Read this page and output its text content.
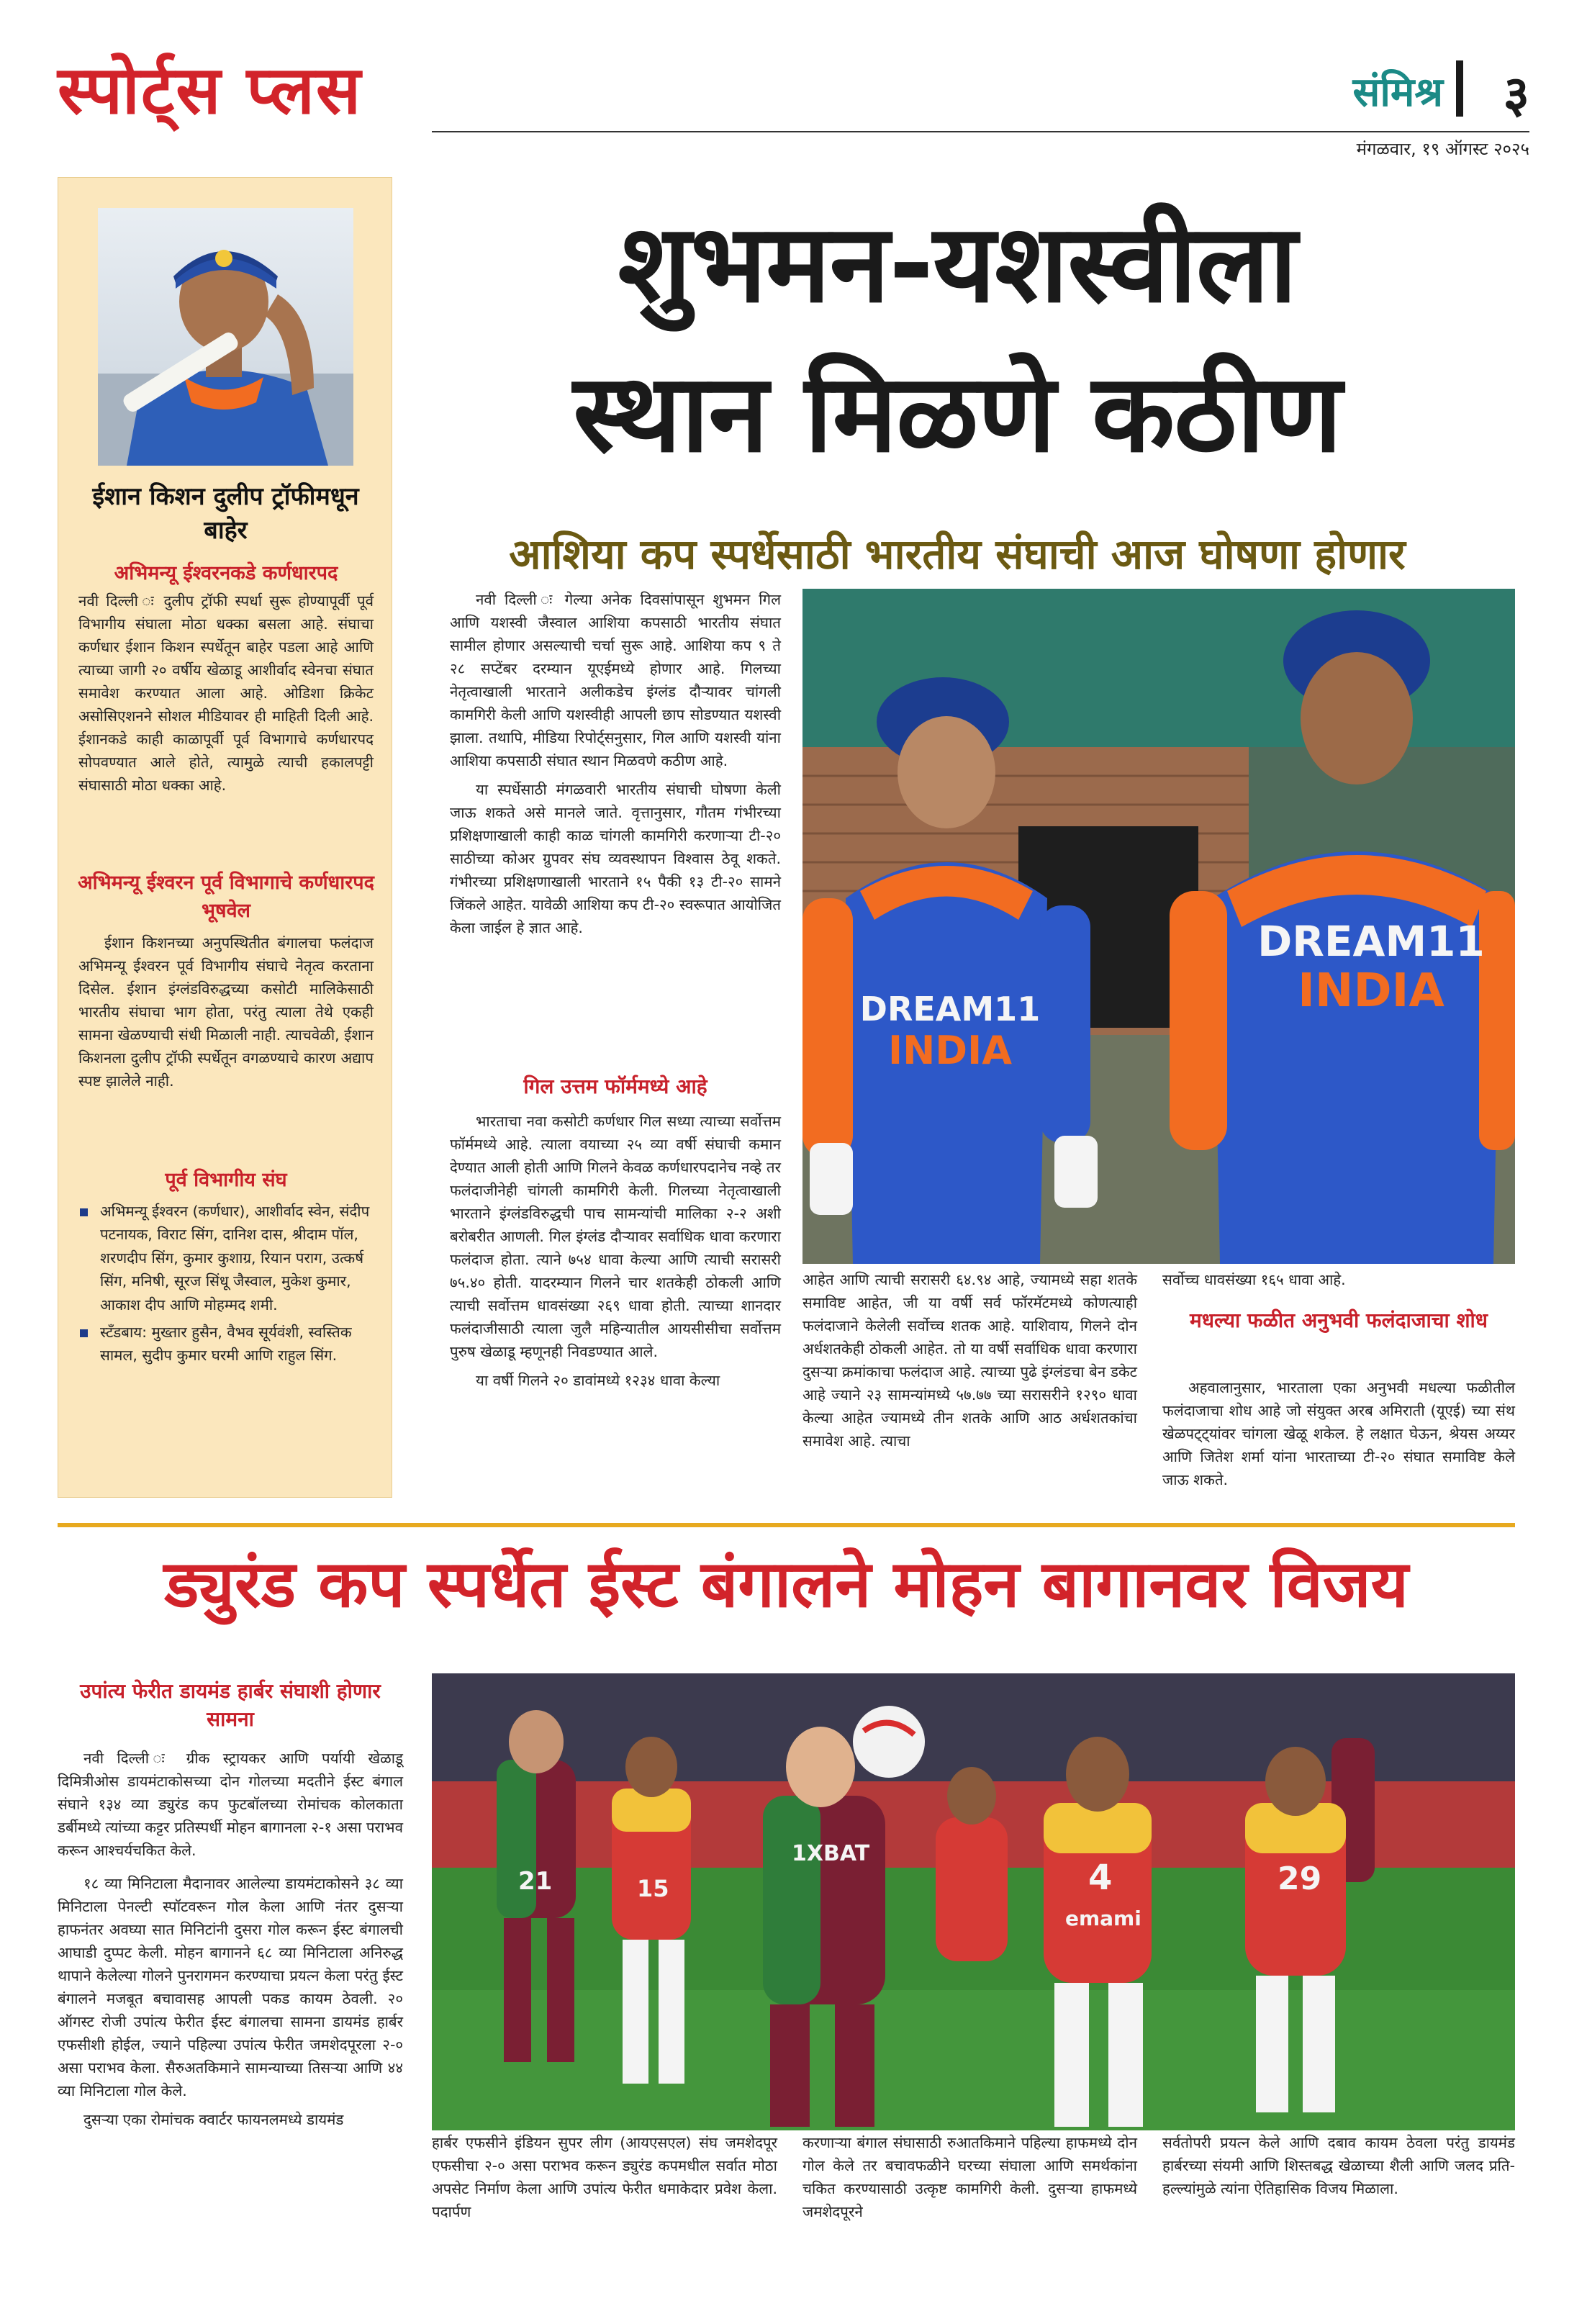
स्पोर्ट्स प्लस	संमिश्र ३
मंगळवार, १९ ऑगस्ट २०२५
ईशान किशन दुलीप ट्रॉफीमधून बाहेर
अभिमन्यू ईश्वरनकडे कर्णधारपद
नवी दिल्ली ः दुलीप ट्रॉफी स्पर्धा सुरू होण्यापूर्वी पूर्व विभागीय संघाला मोठा धक्का बसला आहे. संघाचा कर्णधार ईशान किशन स्पर्धेतून बाहेर पडला आहे आणि त्याच्या जागी २० वर्षीय खेळाडू आशीर्वाद स्वेनचा संघात समावेश करण्यात आला आहे. ओडिशा क्रिकेट असोसिएशनने सोशल मीडियावर ही माहिती दिली आहे. ईशानकडे काही काळापूर्वी पूर्व विभागाचे कर्णधारपद सोपवण्यात आले होते, त्यामुळे त्याची हकालपट्टी संघासाठी मोठा धक्का आहे.
अभिमन्यू ईश्वरन पूर्व विभागाचे कर्णधारपद भूषवेल
ईशान किशनच्या अनुपस्थितीत बंगालचा फलंदाज अभिमन्यू ईश्वरन पूर्व विभागीय संघाचे नेतृत्व करताना दिसेल. ईशान इंग्लंडविरुद्धच्या कसोटी मालिकेसाठी भारतीय संघाचा भाग होता, परंतु त्याला तेथे एकही सामना खेळण्याची संधी मिळाली नाही. त्याचवेळी, ईशान किशनला दुलीप ट्रॉफी स्पर्धेतून वगळण्याचे कारण अद्याप स्पष्ट झालेले नाही.
पूर्व विभागीय संघ
अभिमन्यू ईश्वरन (कर्णधार), आशीर्वाद स्वेन, संदीप पटनायक, विराट सिंग, दानिश दास, श्रीदाम पॉल, शरणदीप सिंग, कुमार कुशाग्र, रियान पराग, उत्कर्ष सिंग, मनिषी, सूरज सिंधू जैस्वाल, मुकेश कुमार, आकाश दीप आणि मोहम्मद शमी.
स्टँडबाय: मुख्तार हुसैन, वैभव सूर्यवंशी, स्वस्तिक सामल, सुदीप कुमार घरमी आणि राहुल सिंग.
शुभमन-यशस्वीला
स्थान मिळणे कठीण
आशिया कप स्पर्धेसाठी भारतीय संघाची आज घोषणा होणार

नवी दिल्ली ः गेल्या अनेक दिवसांपासून शुभमन गिल आणि यशस्वी जैस्वाल आशिया कपसाठी भारतीय संघात सामील होणार असल्याची चर्चा सुरू आहे. आशिया कप ९ ते २८ सप्टेंबर दरम्यान यूएईमध्ये होणार आहे. गिलच्या नेतृत्वाखाली भारताने अलीकडेच इंग्लंड दौऱ्यावर चांगली कामगिरी केली आणि यशस्वीही आपली छाप सोडण्यात यशस्वी झाला. तथापि, मीडिया रिपोर्ट्सनुसार, गिल आणि यशस्वी यांना आशिया कपसाठी संघात स्थान मिळवणे कठीण आहे.

या स्पर्धेसाठी मंगळवारी भारतीय संघाची घोषणा केली जाऊ शकते असे मानले जाते. वृत्तानुसार, गौतम गंभीरच्या प्रशिक्षणाखाली काही काळ चांगली कामगिरी करणाऱ्या टी-२० साठीच्या कोअर ग्रुपवर संघ व्यवस्थापन विश्वास ठेवू शकते. गंभीरच्या प्रशिक्षणाखाली भारताने १५ पैकी १३ टी-२० सामने जिंकले आहेत. यावेळी आशिया कप टी-२० स्वरूपात आयोजित केला जाईल हे ज्ञात आहे.

गिल उत्तम फॉर्ममध्ये आहे

भारताचा नवा कसोटी कर्णधार गिल सध्या त्याच्या सर्वोत्तम फॉर्ममध्ये आहे. त्याला वयाच्या २५ व्या वर्षी संघाची कमान देण्यात आली होती आणि गिलने केवळ कर्णधारपदानेच नव्हे तर फलंदाजीनेही चांगली कामगिरी केली. गिलच्या नेतृत्वाखाली भारताने इंग्लंडविरुद्धची पाच सामन्यांची मालिका २-२ अशी बरोबरीत आणली. गिल इंग्लंड दौऱ्यावर सर्वाधिक धावा करणारा फलंदाज होता. त्याने ७५४ धावा केल्या आणि त्याची सरासरी ७५.४० होती. यादरम्यान गिलने चार शतकेही ठोकली आणि त्याची सर्वोत्तम धावसंख्या २६९ धावा होती. त्याच्या शानदार फलंदाजीसाठी त्याला जुलै महिन्यातील आयसीसीचा सर्वोत्तम पुरुष खेळाडू म्हणूनही निवडण्यात आले.

या वर्षी गिलने २० डावांमध्ये १२३४ धावा केल्या

DREAM11
INDIA
DREAM11
INDIA

आहेत आणि त्याची सरासरी ६४.९४ आहे, ज्यामध्ये सहा शतके समाविष्ट आहेत, जी या वर्षी सर्व फॉरमॅटमध्ये कोणत्याही फलंदाजाने केलेली सर्वोच्च शतक आहे. याशिवाय, गिलने दोन अर्धशतकेही ठोकली आहेत. तो या वर्षी सर्वाधिक धावा करणारा दुसऱ्या क्रमांकाचा फलंदाज आहे. त्याच्या पुढे इंग्लंडचा बेन डकेट आहे ज्याने २३ सामन्यांमध्ये ५७.७७ च्या सरासरीने १२९० धावा केल्या आहेत ज्यामध्ये तीन शतके आणि आठ अर्धशतकांचा समावेश आहे. त्याचा

सर्वोच्च धावसंख्या १६५ धावा आहे.

मधल्या फळीत अनुभवी फलंदाजाचा शोध

अहवालानुसार, भारताला एका अनुभवी मधल्या फळीतील फलंदाजाचा शोध आहे जो संयुक्त अरब अमिराती (यूएई) च्या संथ खेळपट्ट्यांवर चांगला खेळू शकेल. हे लक्षात घेऊन, श्रेयस अय्यर आणि जितेश शर्मा यांना भारताच्या टी-२० संघात समाविष्ट केले जाऊ शकते.

ड्युरंड कप स्पर्धेत ईस्ट बंगालने मोहन बागानवर विजय
उपांत्य फेरीत डायमंड हार्बर संघाशी होणार सामना

नवी दिल्ली ः ग्रीक स्ट्रायकर आणि पर्यायी खेळाडू दिमित्रीओस डायमंटाकोसच्या दोन गोलच्या मदतीने ईस्ट बंगाल संघाने १३४ व्या ड्युरंड कप फुटबॉलच्या रोमांचक कोलकाता डर्बीमध्ये त्यांच्या कट्टर प्रतिस्पर्धी मोहन बागानला २-१ असा पराभव करून आश्चर्यचकित केले.

१८ व्या मिनिटाला मैदानावर आलेल्या डायमंटाकोसने ३८ व्या मिनिटाला पेनल्टी स्पॉटवरून गोल केला आणि नंतर दुसऱ्या हाफनंतर अवघ्या सात मिनिटांनी दुसरा गोल करून ईस्ट बंगालची आघाडी दुप्पट केली. मोहन बागानने ६८ व्या मिनिटाला अनिरुद्ध थापाने केलेल्या गोलने पुनरागमन करण्याचा प्रयत्न केला परंतु ईस्ट बंगालने मजबूत बचावासह आपली पकड कायम ठेवली. २० ऑगस्ट रोजी उपांत्य फेरीत ईस्ट बंगालचा सामना डायमंड हार्बर एफसीशी होईल, ज्याने पहिल्या उपांत्य फेरीत जमशेदपूरला २-० असा पराभव केला. सैरुअतकिमाने सामन्याच्या तिसऱ्या आणि ४४ व्या मिनिटाला गोल केले.

दुसऱ्या एका रोमांचक क्वार्टर फायनलमध्ये डायमंड

21
1XBAT
15	4
emami
29

हार्बर एफसीने इंडियन सुपर लीग (आयएसएल) संघ जमशेदपूर एफसीचा २-० असा पराभव करून ड्युरंड कपमधील सर्वात मोठा अपसेट निर्माण केला आणि उपांत्य फेरीत धमाकेदार प्रवेश केला. पदार्पण

करणाऱ्या बंगाल संघासाठी रुआतकिमाने पहिल्या हाफमध्ये दोन गोल केले तर बचावफळीने घरच्या संघाला आणि समर्थकांना चकित करण्यासाठी उत्कृष्ट कामगिरी केली. दुसऱ्या हाफमध्ये जमशेदपूरने

सर्वतोपरी प्रयत्न केले आणि दबाव कायम ठेवला परंतु डायमंड हार्बरच्या संयमी आणि शिस्तबद्ध खेळाच्या शैली आणि जलद प्रति-हल्ल्यांमुळे त्यांना ऐतिहासिक विजय मिळाला.
